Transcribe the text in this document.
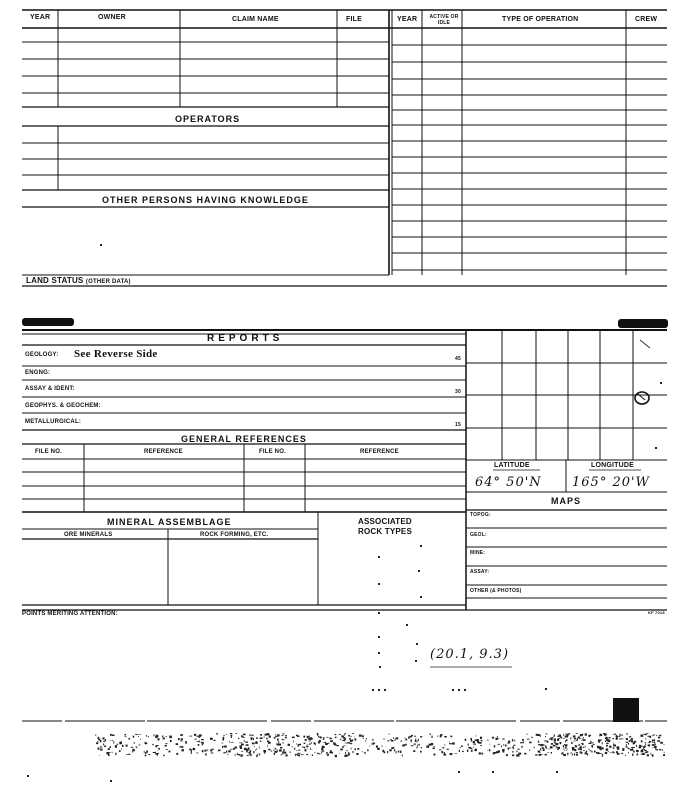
YEAR	OWNER	CLAIM NAME	FILE	YEAR	ACTIVE OR IDLE	TYPE OF OPERATION	CREW
OPERATORS
OTHER PERSONS HAVING KNOWLEDGE
LAND STATUS (OTHER DATA)
REPORTS
GEOLOGY: See Reverse Side
ENGNG:
ASSAY & IDENT:
GEOPHYS. & GEOCHEM:
METALLURGICAL:
45
30
15
GENERAL REFERENCES
FILE NO.	REFERENCE	FILE NO.	REFERENCE
LATITUDE	LONGITUDE
64° 50'N 165° 20'W
MAPS
TOPOG:
GEOL:
MINE:
ASSAY:
OTHER (& PHOTOS)
MINERAL ASSEMBLAGE
ORE MINERALS	ROCK FORMING, ETC.
ASSOCIATED
ROCK TYPES
POINTS MERITING ATTENTION:	KF 7018
(20.1, 9.3)
